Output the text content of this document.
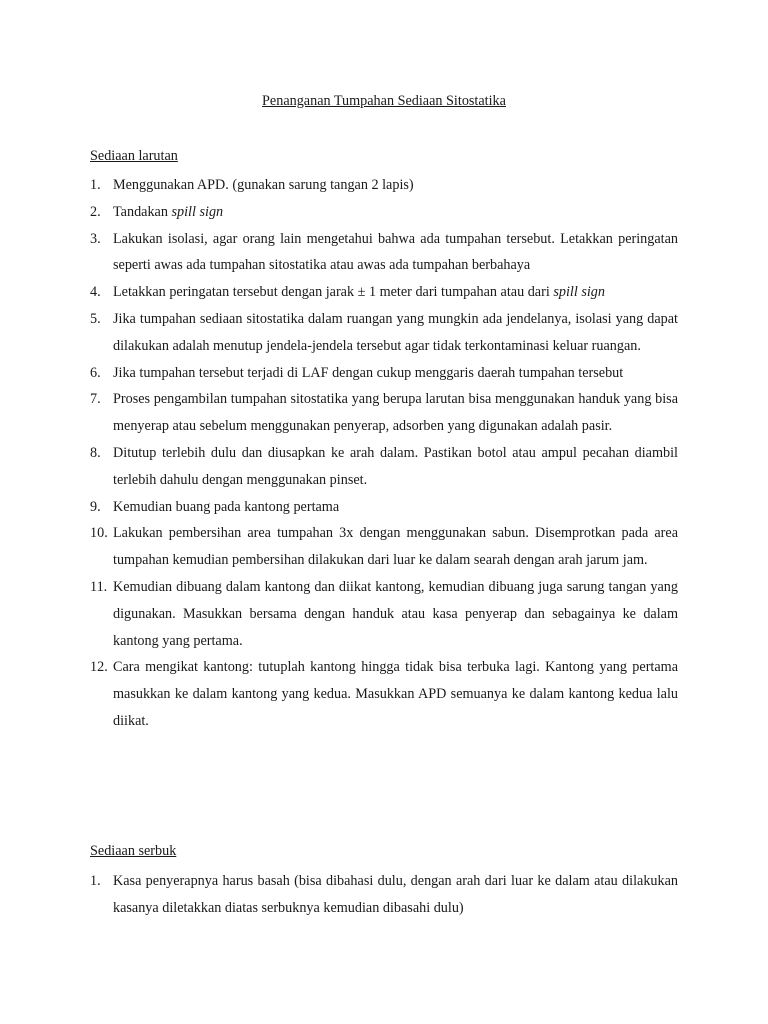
Penanganan Tumpahan Sediaan Sitostatika
Sediaan larutan
1. Menggunakan APD. (gunakan sarung tangan 2 lapis)
2. Tandakan spill sign
3. Lakukan isolasi, agar orang lain mengetahui bahwa ada tumpahan tersebut. Letakkan peringatan seperti awas ada tumpahan sitostatika atau awas ada tumpahan berbahaya
4. Letakkan peringatan tersebut dengan jarak ± 1 meter dari tumpahan atau dari spill sign
5. Jika tumpahan sediaan sitostatika dalam ruangan yang mungkin ada jendelanya, isolasi yang dapat dilakukan adalah menutup jendela-jendela tersebut agar tidak terkontaminasi keluar ruangan.
6. Jika tumpahan tersebut terjadi di LAF dengan cukup menggaris daerah tumpahan tersebut
7. Proses pengambilan tumpahan sitostatika yang berupa larutan bisa menggunakan handuk yang bisa menyerap atau sebelum menggunakan penyerap, adsorben yang digunakan adalah pasir.
8. Ditutup terlebih dulu dan diusapkan ke arah dalam. Pastikan botol atau ampul pecahan diambil terlebih dahulu dengan menggunakan pinset.
9. Kemudian buang pada kantong pertama
10. Lakukan pembersihan area tumpahan 3x dengan menggunakan sabun. Disemprotkan pada area tumpahan kemudian pembersihan dilakukan dari luar ke dalam searah dengan arah jarum jam.
11. Kemudian dibuang dalam kantong dan diikat kantong, kemudian dibuang juga sarung tangan yang digunakan. Masukkan bersama dengan handuk atau kasa penyerap dan sebagainya ke dalam kantong yang pertama.
12. Cara mengikat kantong: tutuplah kantong hingga tidak bisa terbuka lagi. Kantong yang pertama masukkan ke dalam kantong yang kedua. Masukkan APD semuanya ke dalam kantong kedua lalu diikat.
Sediaan serbuk
1. Kasa penyerapnya harus basah (bisa dibahasi dulu, dengan arah dari luar ke dalam atau dilakukan kasanya diletakkan diatas serbuknya kemudian dibasahi dulu)
